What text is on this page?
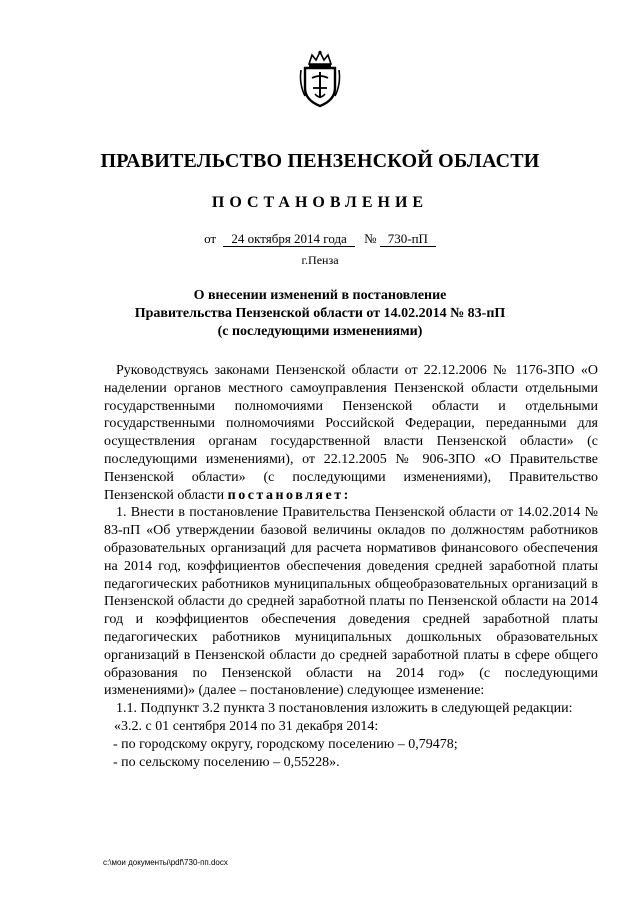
ПРАВИТЕЛЬСТВО ПЕНЗЕНСКОЙ ОБЛАСТИ
ПОСТАНОВЛЕНИЕ
от 24 октября 2014 года № 730-пП
г.Пенза
О внесении изменений в постановление
Правительства Пензенской области от 14.02.2014 № 83-пП
(с последующими изменениями)

Руководствуясь законами Пензенской области от 22.12.2006 № 1176-ЗПО «О наделении органов местного самоуправления Пензенской области отдельными государственными полномочиями Пензенской области и отдельными государственными полномочиями Российской Федерации, переданными для осуществления органам государственной власти Пензенской области» (с последующими изменениями), от 22.12.2005 № 906-ЗПО «О Правительстве Пензенской области» (с последующими изменениями), Правительство Пензенской области постановляет:

1. Внести в постановление Правительства Пензенской области от 14.02.2014 № 83-пП «Об утверждении базовой величины окладов по должностям работников образовательных организаций для расчета нормативов финансового обеспечения на 2014 год, коэффициентов обеспечения доведения средней заработной платы педагогических работников муниципальных общеобразовательных организаций в Пензенской области до средней заработной платы по Пензенской области на 2014 год и коэффициентов обеспечения доведения средней заработной платы педагогических работников муниципальных дошкольных образовательных организаций в Пензенской области до средней заработной платы в сфере общего образования по Пензенской области на 2014 год» (с последующими изменениями)» (далее – постановление) следующее изменение:

1.1. Подпункт 3.2 пункта 3 постановления изложить в следующей редакции:

«3.2. с 01 сентября 2014 по 31 декабря 2014:

- по городскому округу, городскому поселению – 0,79478;

- по сельскому поселению – 0,55228».

c:\мои документы\pdf\730-пп.docx
